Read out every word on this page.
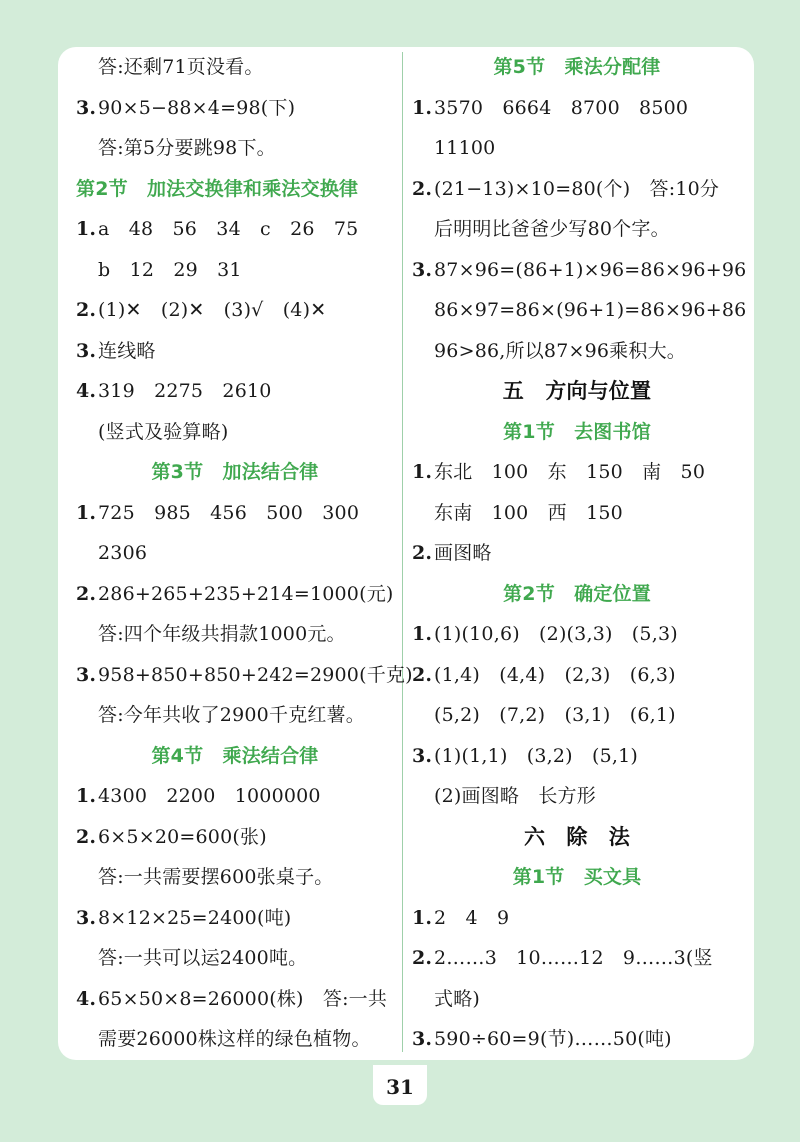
答:还剩71页没看。
3.90×5−88×4=98(下)
答:第5分要跳98下。
第2节　加法交换律和乘法交换律
1.a　48　56　34　c　26　75
b　12　29　31
2.(1)✕　(2)✕　(3)√　(4)✕
3.连线略
4.319　2275　2610
(竖式及验算略)
第3节　加法结合律
1.725　985　456　500　300
2306
2.286+265+235+214=1000(元)
答:四个年级共捐款1000元。
3.958+850+850+242=2900(千克)
答:今年共收了2900千克红薯。
第4节　乘法结合律
1.4300　2200　1000000
2.6×5×20=600(张)
答:一共需要摆600张桌子。
3.8×12×25=2400(吨)
答:一共可以运2400吨。
4.65×50×8=26000(株)　答:一共
需要26000株这样的绿色植物。
第5节　乘法分配律
1.3570　6664　8700　8500
11100
2.(21−13)×10=80(个)　答:10分
后明明比爸爸少写80个字。
3.87×96=(86+1)×96=86×96+96
86×97=86×(96+1)=86×96+86
96>86,所以87×96乘积大。
五　方向与位置
第1节　去图书馆
1.东北　100　东　150　南　50
东南　100　西　150
2.画图略
第2节　确定位置
1.(1)(10,6)　(2)(3,3)　(5,3)
2.(1,4)　(4,4)　(2,3)　(6,3)
(5,2)　(7,2)　(3,1)　(6,1)
3.(1)(1,1)　(3,2)　(5,1)
(2)画图略　长方形
六　除　法
第1节　买文具
1.2　4　9
2.2……3　10……12　9……3(竖
式略)
3.590÷60=9(节)……50(吨)
31
